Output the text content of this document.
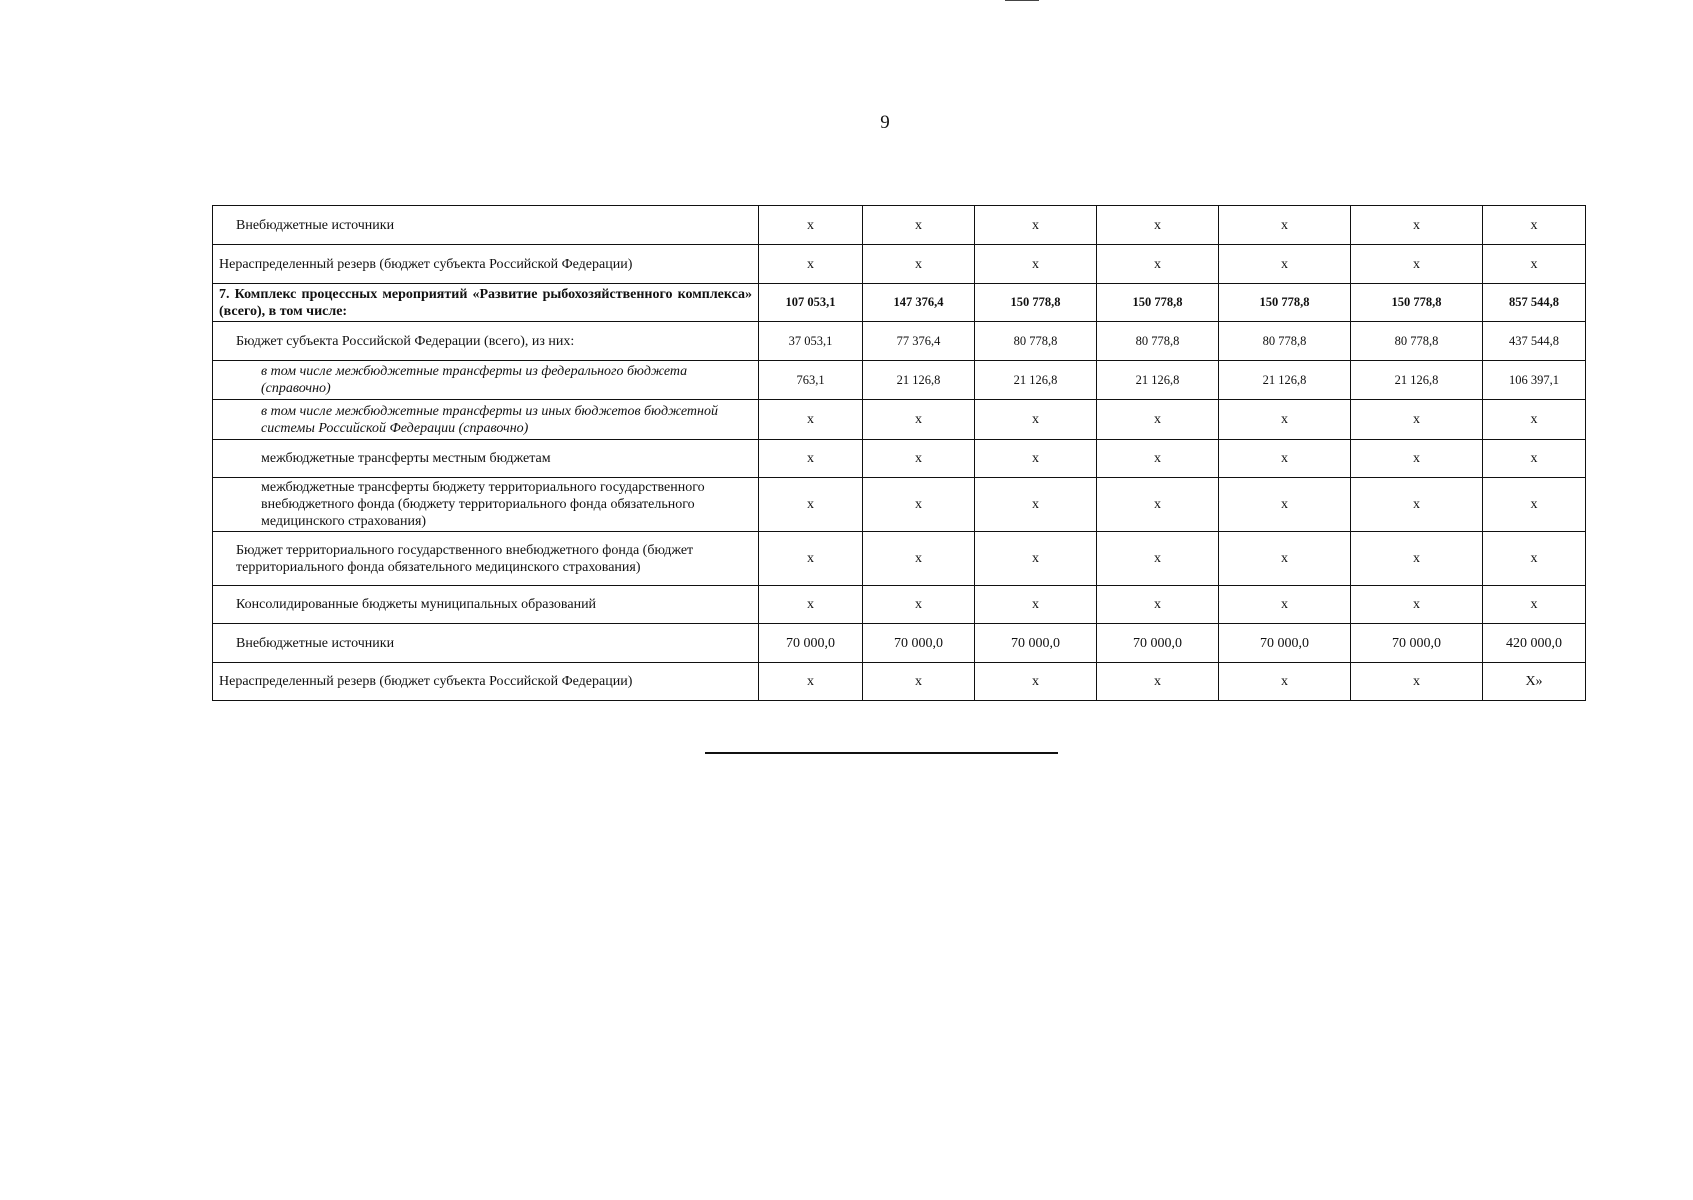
9
Внебюджетные источники	х	х	х	х	х	х	х
Нераспределенный резерв (бюджет субъекта Российской Федерации)	х	х	х	х	х	х	х
7. Комплекс процессных мероприятий «Развитие рыбохозяйственного комплекса» (всего), в том числе:	107 053,1	147 376,4	150 778,8	150 778,8	150 778,8	150 778,8	857 544,8
Бюджет субъекта Российской Федерации (всего), из них:	37 053,1	77 376,4	80 778,8	80 778,8	80 778,8	80 778,8	437 544,8
в том числе межбюджетные трансферты из федерального бюджета (справочно)	763,1	21 126,8	21 126,8	21 126,8	21 126,8	21 126,8	106 397,1
в том числе межбюджетные трансферты из иных бюджетов бюджетной системы Российской Федерации (справочно)	х	х	х	х	х	х	х
межбюджетные трансферты местным бюджетам	х	х	х	х	х	х	х
межбюджетные трансферты бюджету территориального государственного внебюджетного фонда (бюджету территориального фонда обязательного медицинского страхования)	х	х	х	х	х	х	х
Бюджет территориального государственного внебюджетного фонда (бюджет территориального фонда обязательного медицинского страхования)	х	х	х	х	х	х	х
Консолидированные бюджеты муниципальных образований	х	х	х	х	х	х	х
Внебюджетные источники	70 000,0	70 000,0	70 000,0	70 000,0	70 000,0	70 000,0	420 000,0
Нераспределенный резерв (бюджет субъекта Российской Федерации)	х	х	х	х	х	х	Х»
